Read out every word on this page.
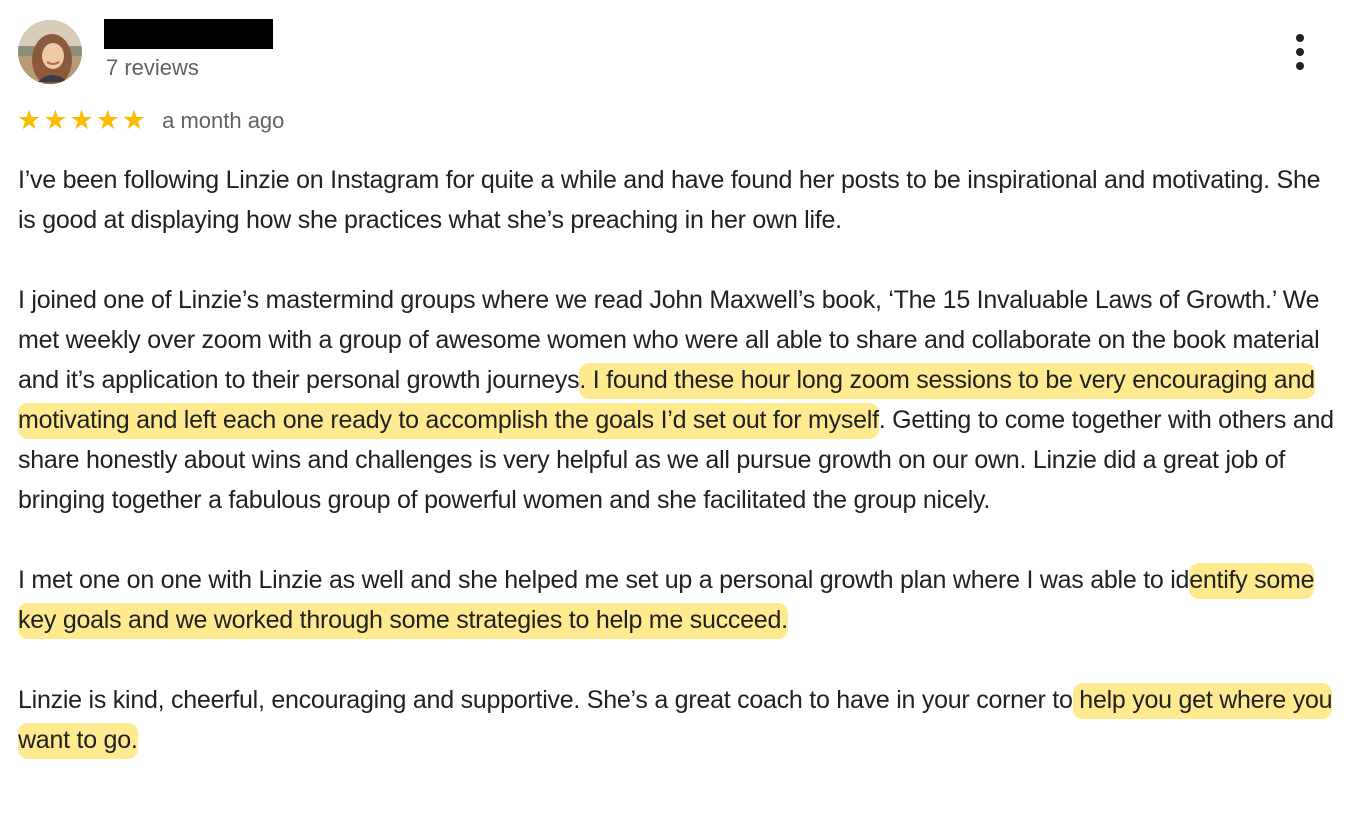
7 reviews
★ ★ ★ ★ ★ a month ago

I’ve been following Linzie on Instagram for quite a while and have found her posts to be inspirational and motivating. She is good at displaying how she practices what she’s preaching in her own life.

I joined one of Linzie’s mastermind groups where we read John Maxwell’s book, ‘The 15 Invaluable Laws of Growth.’ We met weekly over zoom with a group of awesome women who were all able to share and collaborate on the book material and it’s application to their personal growth journeys. I found these hour long zoom sessions to be very encouraging and motivating and left each one ready to accomplish the goals I’d set out for myself. Getting to come together with others and share honestly about wins and challenges is very helpful as we all pursue growth on our own. Linzie did a great job of bringing together a fabulous group of powerful women and she facilitated the group nicely.

I met one on one with Linzie as well and she helped me set up a personal growth plan where I was able to identify some key goals and we worked through some strategies to help me succeed.

Linzie is kind, cheerful, encouraging and supportive. She’s a great coach to have in your corner to help you get where you want to go.
